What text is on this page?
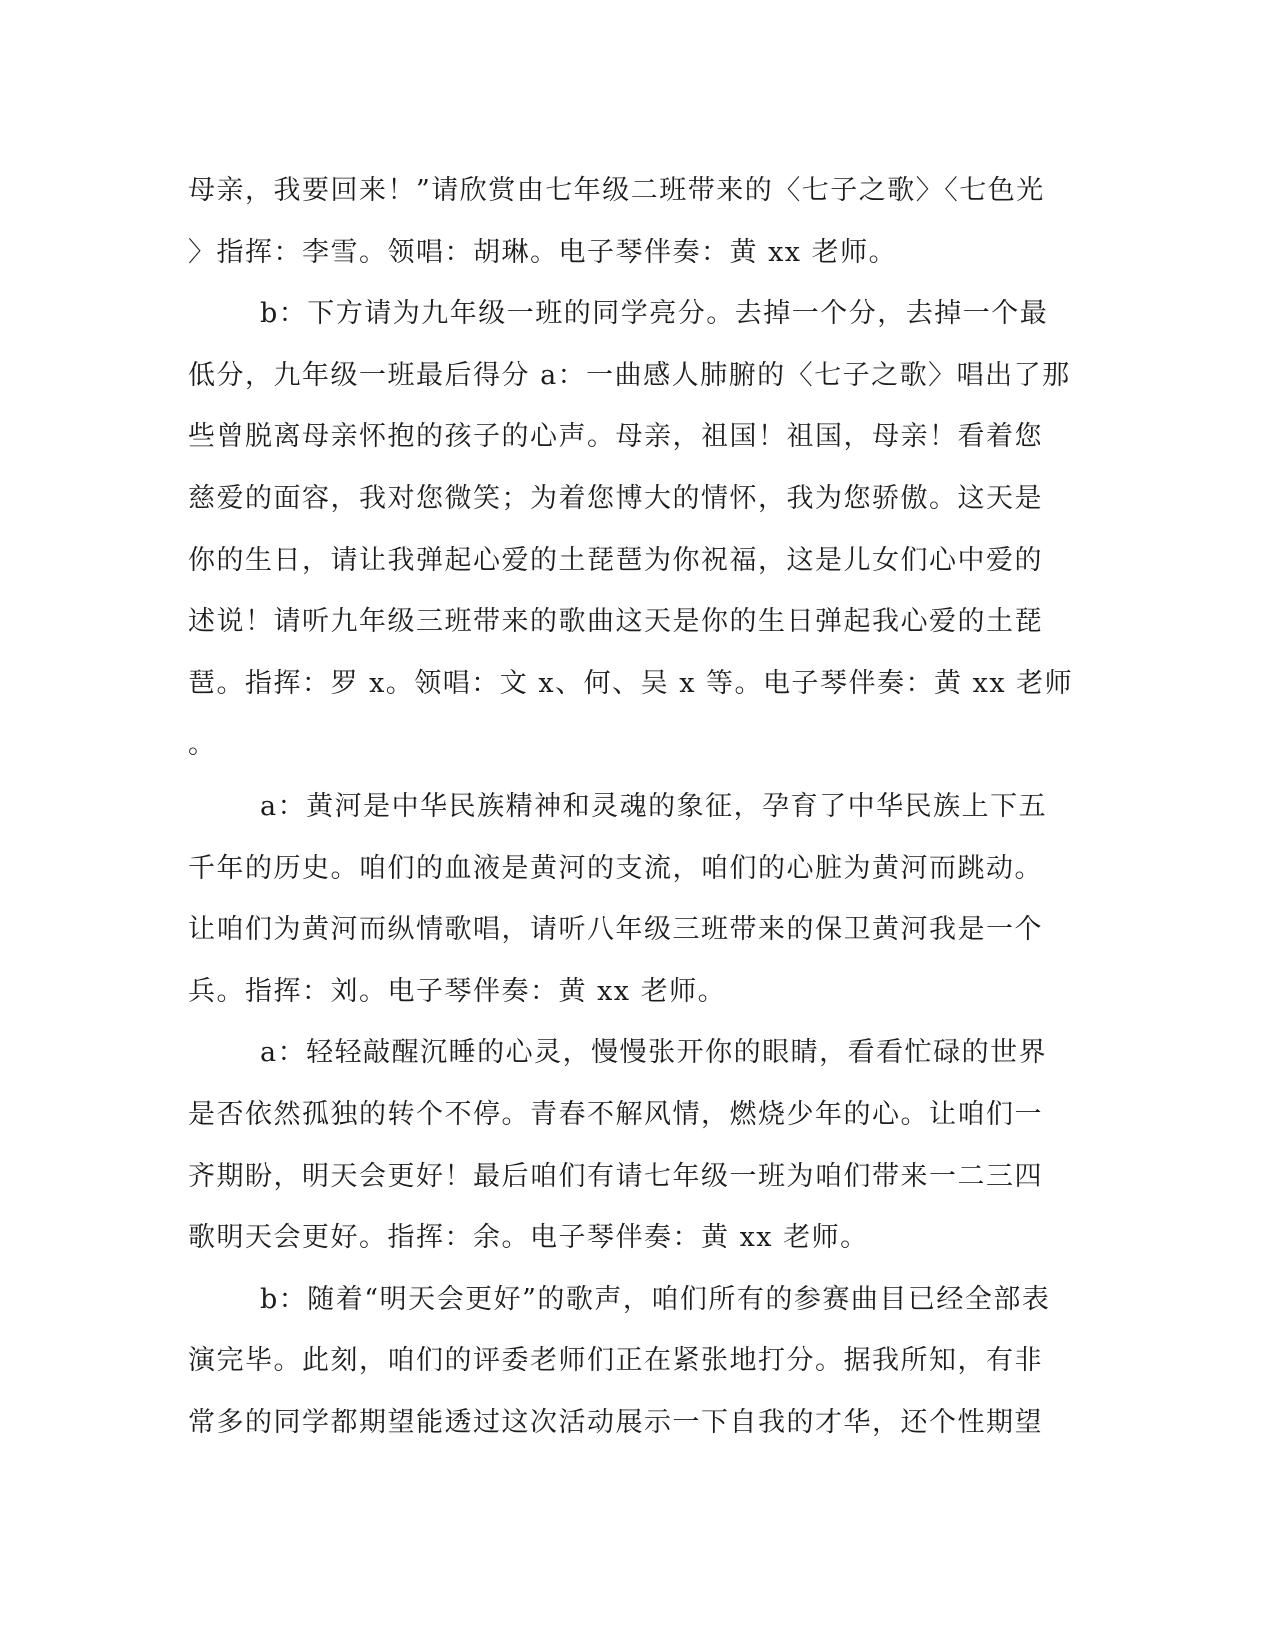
母亲，我要回来！”请欣赏由七年级二班带来的〈七子之歌〉〈七色光
〉指挥：李雪。领唱：胡琳。电子琴伴奏：黄 xx 老师。
b：下方请为九年级一班的同学亮分。去掉一个分，去掉一个最
低分，九年级一班最后得分 a：一曲感人肺腑的〈七子之歌〉唱出了那
些曾脱离母亲怀抱的孩子的心声。母亲，祖国！祖国，母亲！看着您
慈爱的面容，我对您微笑；为着您博大的情怀，我为您骄傲。这天是
你的生日，请让我弹起心爱的土琵琶为你祝福，这是儿女们心中爱的
述说！请听九年级三班带来的歌曲这天是你的生日弹起我心爱的土琵
琶。指挥：罗 x。领唱：文 x、何、吴 x 等。电子琴伴奏：黄 xx 老师
。
a：黄河是中华民族精神和灵魂的象征，孕育了中华民族上下五
千年的历史。咱们的血液是黄河的支流，咱们的心脏为黄河而跳动。
让咱们为黄河而纵情歌唱，请听八年级三班带来的保卫黄河我是一个
兵。指挥：刘。电子琴伴奏：黄 xx 老师。
a：轻轻敲醒沉睡的心灵，慢慢张开你的眼睛，看看忙碌的世界
是否依然孤独的转个不停。青春不解风情，燃烧少年的心。让咱们一
齐期盼，明天会更好！最后咱们有请七年级一班为咱们带来一二三四
歌明天会更好。指挥：余。电子琴伴奏：黄 xx 老师。
b：随着“明天会更好”的歌声，咱们所有的参赛曲目已经全部表
演完毕。此刻，咱们的评委老师们正在紧张地打分。据我所知，有非
常多的同学都期望能透过这次活动展示一下自我的才华，还个性期望
